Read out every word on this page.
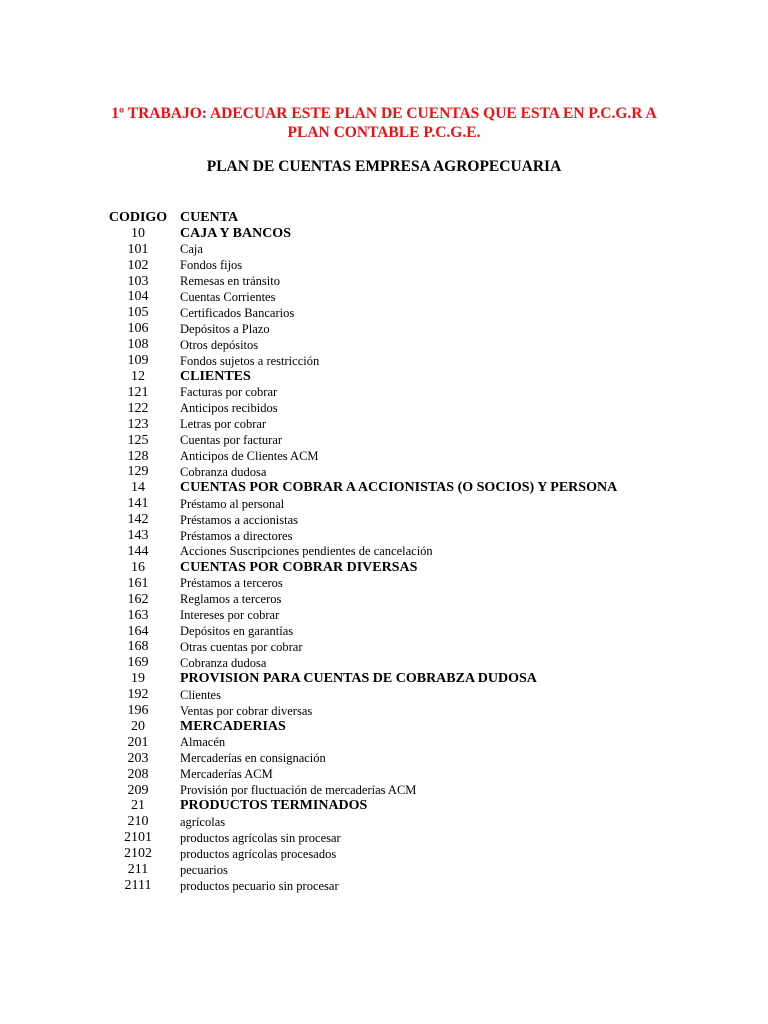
1º TRABAJO: ADECUAR ESTE PLAN DE CUENTAS QUE ESTA EN P.C.G.R A
PLAN CONTABLE P.C.G.E.
PLAN DE CUENTAS EMPRESA AGROPECUARIA
CODIGO CUENTA
10	CAJA Y BANCOS
101	Caja
102	Fondos fijos
103	Remesas en tránsito
104	Cuentas Corrientes
105	Certificados Bancarios
106	Depósitos a Plazo
108	Otros depósitos
109	Fondos sujetos a restricción
12	CLIENTES
121	Facturas por cobrar
122	Anticipos recibidos
123	Letras por cobrar
125	Cuentas por facturar
128	Anticipos de Clientes ACM
129	Cobranza dudosa
14	CUENTAS POR COBRAR A ACCIONISTAS (O SOCIOS) Y PERSONA
141	Préstamo al personal
142	Préstamos a accionistas
143	Préstamos a directores
144	Acciones Suscripciones pendientes de cancelación
16	CUENTAS POR COBRAR DIVERSAS
161	Préstamos a terceros
162	Reglamos a terceros
163	Intereses por cobrar
164	Depósitos en garantías
168	Otras cuentas por cobrar
169	Cobranza dudosa
19	PROVISION PARA CUENTAS DE COBRABZA DUDOSA
192	Clientes
196	Ventas por cobrar diversas
20	MERCADERIAS
201	Almacén
203	Mercaderías en consignación
208	Mercaderías ACM
209	Provisión por fluctuación de mercaderías ACM
21	PRODUCTOS TERMINADOS
210	agrícolas
2101	productos agrícolas sin procesar
2102	productos agrícolas procesados
211	pecuarios
2111	productos pecuario sin procesar
